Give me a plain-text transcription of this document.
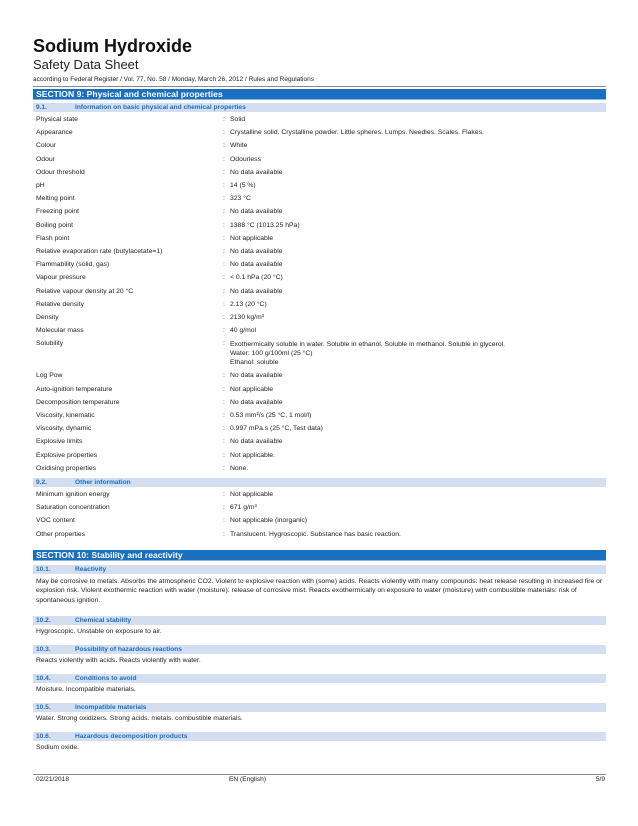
Sodium Hydroxide
Safety Data Sheet
according to Federal Register / Vol. 77, No. 58 / Monday, March 26, 2012 / Rules and Regulations
SECTION 9: Physical and chemical properties
9.1.	Information on basic physical and chemical properties
Physical state	: Solid
Appearance	: Crystalline solid. Crystalline powder. Little spheres. Lumps. Needles. Scales. Flakes.
Colour	: White
Odour	: Odourless
Odour threshold	: No data available
pH	: 14 (5 %)
Melting point	: 323 °C
Freezing point	: No data available
Boiling point	: 1388 °C (1013.25 hPa)
Flash point	: Not applicable
Relative evaporation rate (butylacetate=1)	: No data available
Flammability (solid, gas)	: No data available
Vapour pressure	: < 0.1 hPa (20 °C)
Relative vapour density at 20 °C	: No data available
Relative density	: 2.13 (20 °C)
Density	: 2130 kg/m³
Molecular mass	: 40 g/mol
Solubility	: Exothermically soluble in water. Soluble in ethanol. Soluble in methanol. Soluble in glycerol.
Water: 100 g/100ml (25 °C)
Ethanol: soluble
Log Pow	: No data available
Auto-ignition temperature	: Not applicable
Decomposition temperature	: No data available
Viscosity, kinematic	: 0.53 mm²/s (25 °C, 1 mol/l)
Viscosity, dynamic	: 0.997 mPa.s (25 °C, Test data)
Explosive limits	: No data available
Explosive properties	: Not applicable.
Oxidising properties	: None.
9.2.	Other information
Minimum ignition energy	: Not applicable
Saturation concentration	: 671 g/m³
VOC content	: Not applicable (inorganic)
Other properties	: Translucent. Hygroscopic. Substance has basic reaction.
SECTION 10: Stability and reactivity
10.1.	Reactivity
May be corrosive to metals. Absorbs the atmospheric CO2. Violent to explosive reaction with (some) acids. Reacts violently with many compounds: heat release resulting in increased fire or explosion risk. Violent exothermic reaction with water (moisture): release of corrosive mist. Reacts exothermically on exposure to water (moisture) with combustible materials: risk of spontaneous ignition.
10.2.	Chemical stability
Hygroscopic. Unstable on exposure to air.
10.3.	Possibility of hazardous reactions
Reacts violently with acids. Reacts violently with water.
10.4.	Conditions to avoid
Moisture. Incompatible materials.
10.5.	Incompatible materials
Water. Strong oxidizers. Strong acids. metals. combustible materials.
10.6.	Hazardous decomposition products
Sodium oxide.
02/21/2018	EN (English)	5/9
